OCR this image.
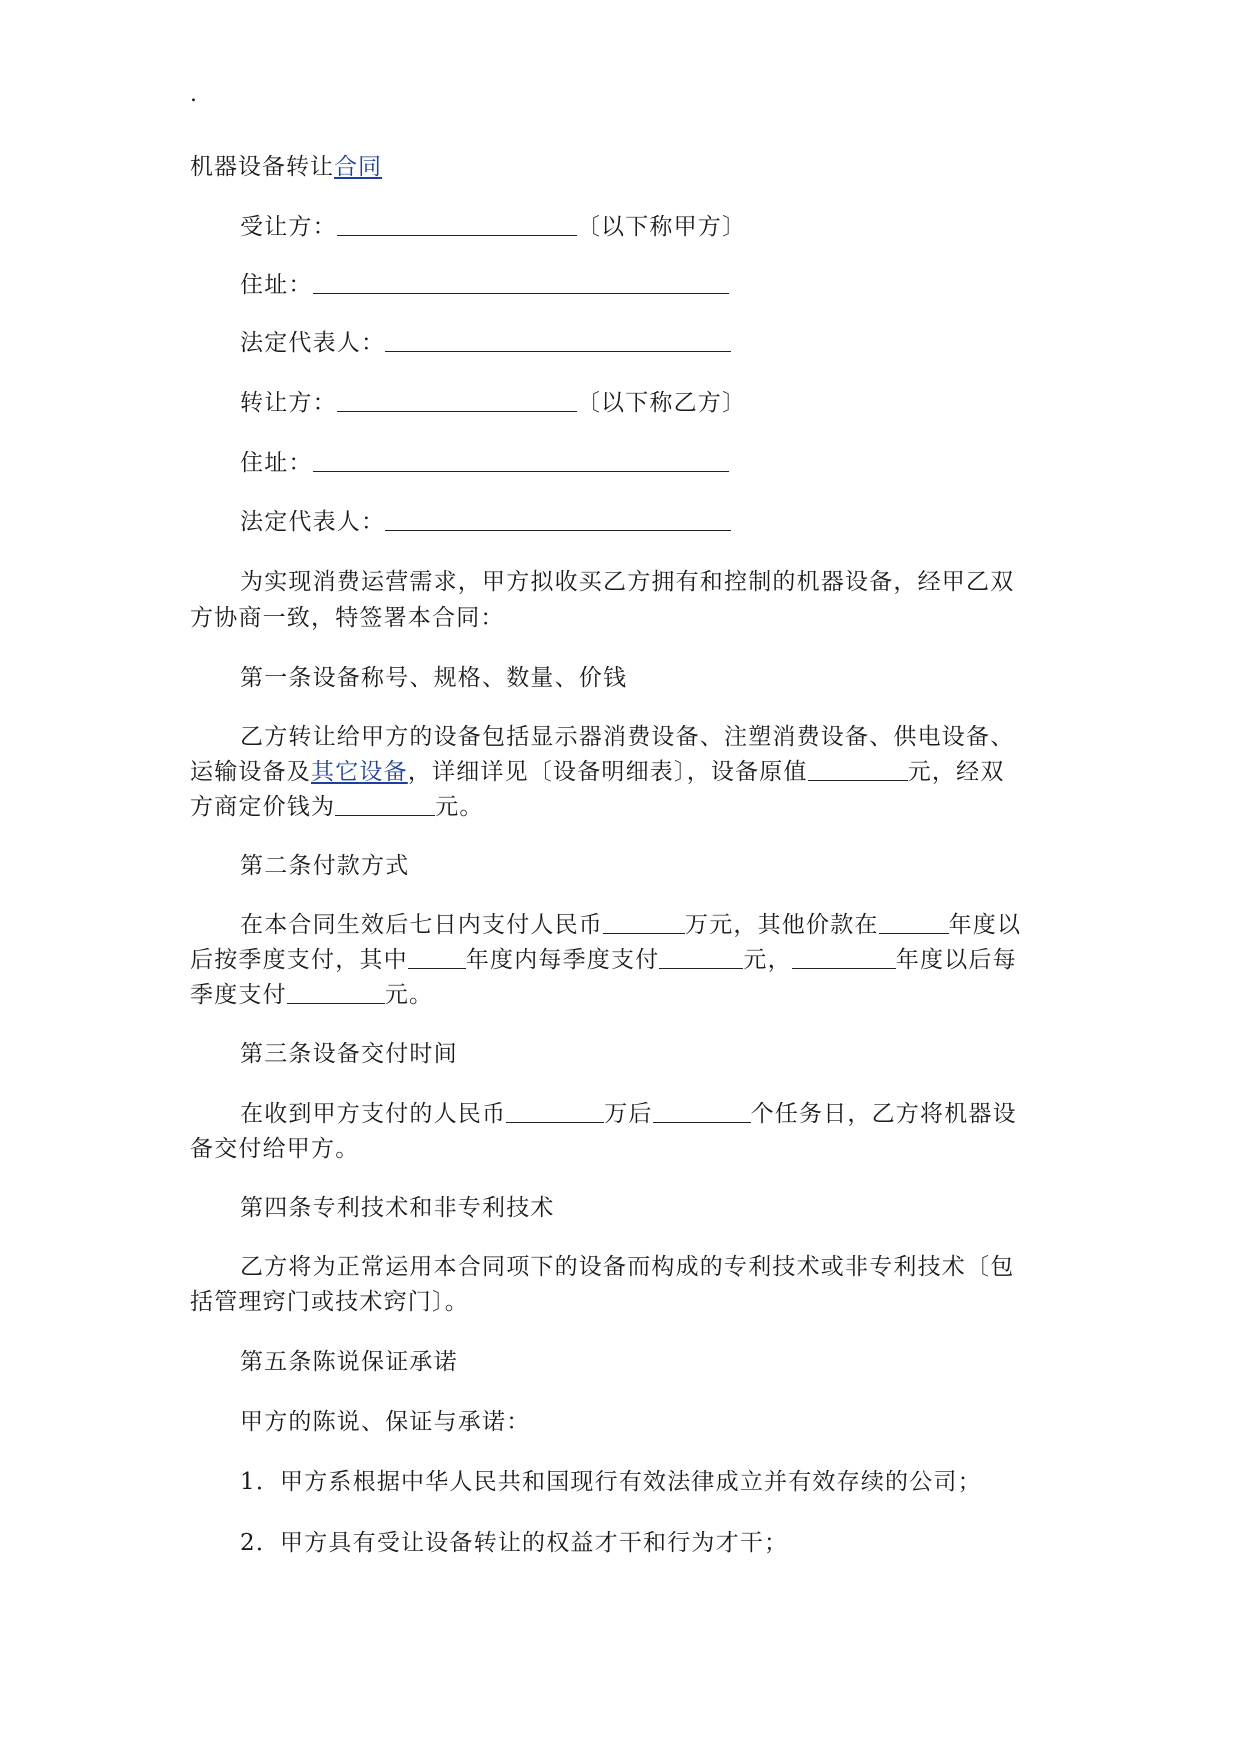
.
机器设备转让合同
受让方：	〔以下称甲方〕
住址：
法定代表人：
转让方：	〔以下称乙方〕
住址：
法定代表人：
为实现消费运营需求，甲方拟收买乙方拥有和控制的机器设备，经甲乙双
方协商一致，特签署本合同：
第一条设备称号、规格、数量、价钱
乙方转让给甲方的设备包括显示器消费设备、注塑消费设备、供电设备、
运输设备及其它设备，详细详见〔设备明细表〕，设备原值	元，经双
方商定价钱为	元。
第二条付款方式
在本合同生效后七日内支付人民币	万元，其他价款在	年度以
后按季度支付，其中	年度内每季度支付	元，	年度以后每
季度支付	元。
第三条设备交付时间
在收到甲方支付的人民币	万后	个任务日，乙方将机器设
备交付给甲方。
第四条专利技术和非专利技术
乙方将为正常运用本合同项下的设备而构成的专利技术或非专利技术〔包
括管理窍门或技术窍门〕。
第五条陈说保证承诺
甲方的陈说、保证与承诺：
1．甲方系根据中华人民共和国现行有效法律成立并有效存续的公司；
2．甲方具有受让设备转让的权益才干和行为才干；
